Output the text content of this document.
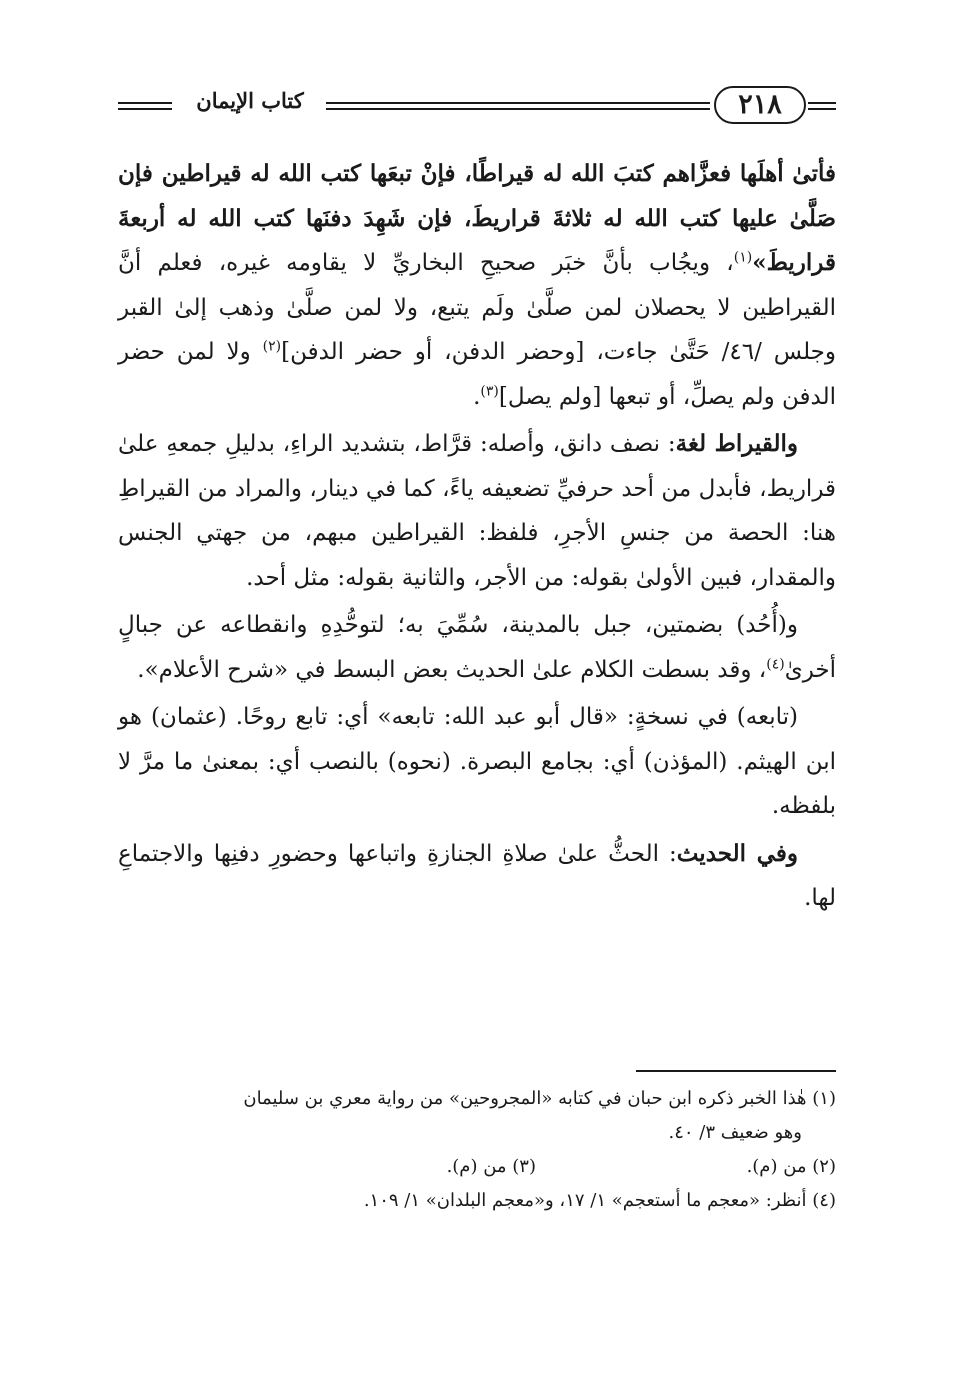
كتاب الإيمان	٢١٨

فأتىٰ أهلَها فعزَّاهم كتبَ الله له قيراطًا، فإنْ تبعَها كتب الله له قيراطين فإن صَلَّىٰ عليها كتب الله له ثلاثةَ قراريطَ، فإن شَهِدَ دفنَها كتب الله له أربعةَ قراريطَ»$^{(١)}$، ويجُاب بأنَّ خبَر صحيحِ البخاريِّ لا يقاومه غيره، فعلم أنَّ القيراطين لا يحصلان لمن صلَّىٰ ولَم يتبع، ولا لمن صلَّىٰ وذهب إلىٰ القبر وجلس /٤٦/ حَتَّىٰ جاءت، [وحضر الدفن، أو حضر الدفن]$^{(٢)}$ ولا لمن حضر الدفن ولم يصلِّ، أو تبعها [ولم يصل]$^{(٣)}$.

والقيراط لغة: نصف دانق، وأصله: قرَّاط، بتشديد الراءِ، بدليلِ جمعهِ علىٰ قراريط، فأبدل من أحد حرفيِّ تضعيفه ياءً، كما في دينار، والمراد من القيراطِ هنا: الحصة من جنسِ الأجرِ، فلفظ: القيراطين مبهم، من جهتي الجنس والمقدار، فبين الأولىٰ بقوله: من الأجر، والثانية بقوله: مثل أحد.

و(أُحُد) بضمتين، جبل بالمدينة، سُمِّيَ به؛ لتوحُّدِهِ وانقطاعه عن جبالٍ أخرىٰ$^{(٤)}$، وقد بسطت الكلام علىٰ الحديث بعض البسط في «شرح الأعلام».

(تابعه) في نسخةٍ: «قال أبو عبد الله: تابعه» أي: تابع روحًا. (عثمان) هو ابن الهيثم. (المؤذن) أي: بجامع البصرة. (نحوه) بالنصب أي: بمعنىٰ ما مرَّ لا بلفظه.

وفي الحديث: الحثُّ علىٰ صلاةِ الجنازةِ واتباعها وحضورِ دفنِها والاجتماعِ لها.

(١) هٰذا الخبر ذكره ابن حبان في كتابه «المجروحين» من رواية معري بن سليمان

وهو ضعيف ٣/ ٤٠.

(٢) من (م).

(٣) من (م).

(٤) أنظر: «معجم ما أستعجم» ١/ ١٧، و«معجم البلدان» ١/ ١٠٩.
